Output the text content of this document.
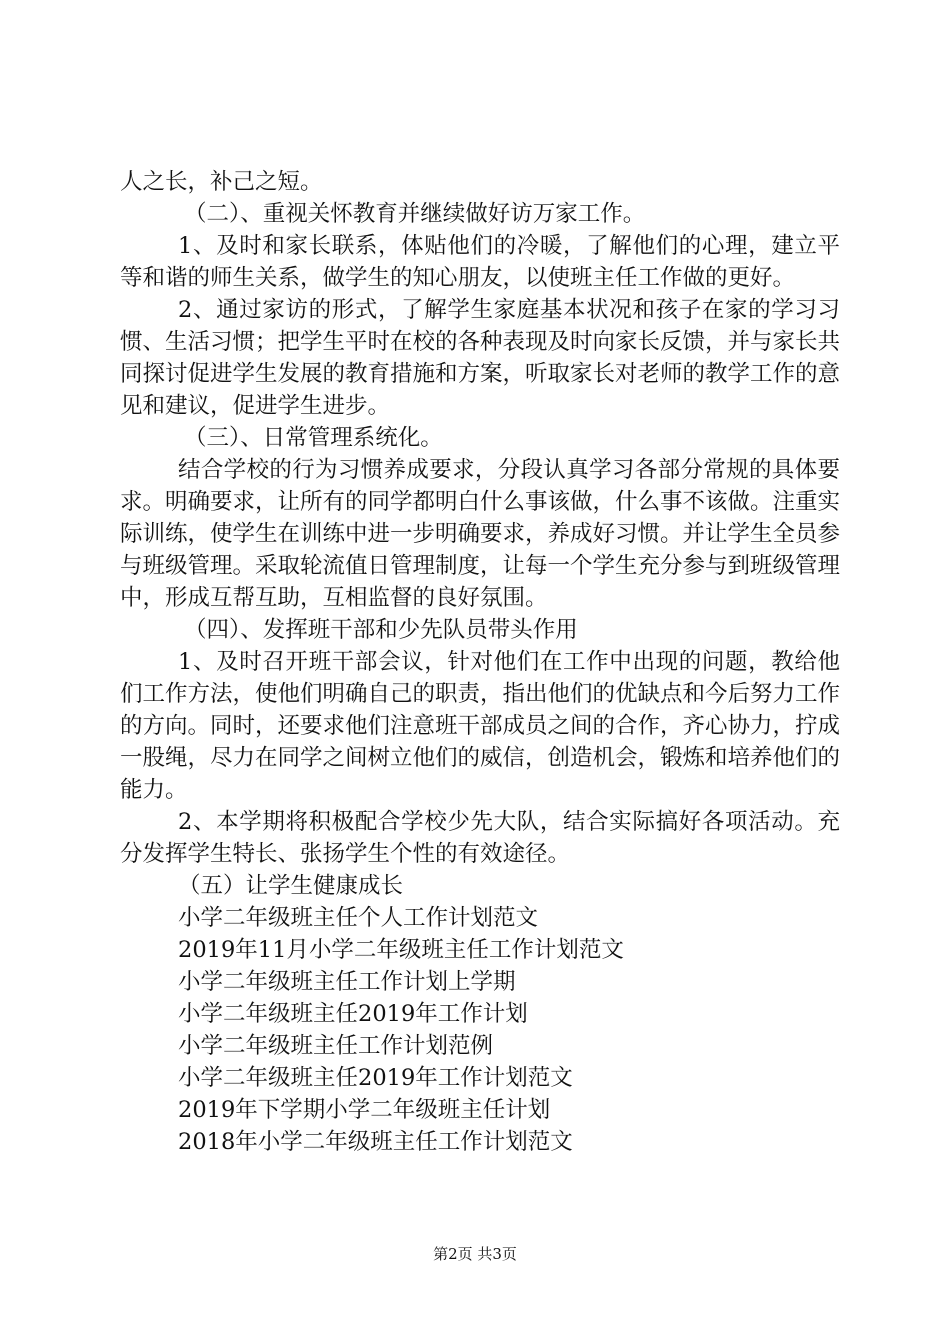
人之长，补己之短。

（二）、重视关怀教育并继续做好访万家工作。

1、及时和家长联系，体贴他们的冷暖，了解他们的心理，建立平等和谐的师生关系，做学生的知心朋友，以使班主任工作做的更好。

2、通过家访的形式，了解学生家庭基本状况和孩子在家的学习习惯、生活习惯；把学生平时在校的各种表现及时向家长反馈，并与家长共同探讨促进学生发展的教育措施和方案，听取家长对老师的教学工作的意见和建议，促进学生进步。

（三）、日常管理系统化。

结合学校的行为习惯养成要求，分段认真学习各部分常规的具体要求。明确要求，让所有的同学都明白什么事该做，什么事不该做。注重实际训练，使学生在训练中进一步明确要求，养成好习惯。并让学生全员参与班级管理。采取轮流值日管理制度，让每一个学生充分参与到班级管理中，形成互帮互助，互相监督的良好氛围。

（四）、发挥班干部和少先队员带头作用

1、及时召开班干部会议，针对他们在工作中出现的问题，教给他们工作方法，使他们明确自己的职责，指出他们的优缺点和今后努力工作的方向。同时，还要求他们注意班干部成员之间的合作，齐心协力，拧成一股绳，尽力在同学之间树立他们的威信，创造机会，锻炼和培养他们的能力。

2、本学期将积极配合学校少先大队，结合实际搞好各项活动。充分发挥学生特长、张扬学生个性的有效途径。

（五）让学生健康成长
小学二年级班主任个人工作计划范文
2019年11月小学二年级班主任工作计划范文
小学二年级班主任工作计划上学期
小学二年级班主任2019年工作计划
小学二年级班主任工作计划范例
小学二年级班主任2019年工作计划范文
2019年下学期小学二年级班主任计划
2018年小学二年级班主任工作计划范文
第2页 共3页
